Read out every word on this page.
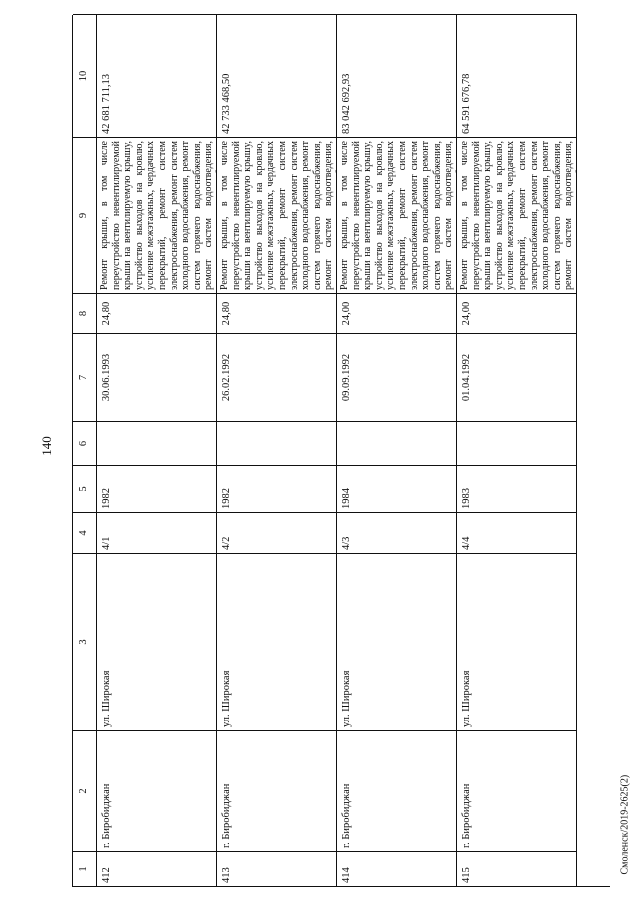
140
1
2
3
4
5
6
7
8
9
10
412
г. Биробиджан
ул. Широкая
4/1
1982
30.06.1993
24,80
Ремонт крыши, в том числе переустройство невентилируемой крыши на вентилируемую крышу, устройство выходов на кровлю, усиление межэтажных, чердачных перекрытий, ремонт систем электроснабжения, ремонт систем холодного водоснабжения, ремонт систем горячего водоснабжения, ремонт систем водоотведения, ремонт систем теплоснабжения,
42 681 711,13
413
г. Биробиджан
ул. Широкая
4/2
1982
26.02.1992
24,80
Ремонт крыши, в том числе переустройство невентилируемой крыши на вентилируемую крышу, устройство выходов на кровлю, усиление межэтажных, чердачных перекрытий, ремонт систем электроснабжения, ремонт систем холодного водоснабжения, ремонт систем горячего водоснабжения, ремонт систем водоотведения, ремонт систем теплоснабжения,
42 733 468,50
414
г. Биробиджан
ул. Широкая
4/3
1984
09.09.1992
24,00
Ремонт крыши, в том числе переустройство невентилируемой крыши на вентилируемую крышу, устройство выходов на кровлю, усиление межэтажных, чердачных перекрытий, ремонт систем электроснабжения, ремонт систем холодного водоснабжения, ремонт систем горячего водоснабжения, ремонт систем водоотведения, ремонт систем теплоснабжения,
83 042 692,93
415
г. Биробиджан
ул. Широкая
4/4
1983
01.04.1992
24,00
Ремонт крыши, в том числе переустройство невентилируемой крыши на вентилируемую крышу, устройство выходов на кровлю, усиление межэтажных, чердачных перекрытий, ремонт систем электроснабжения, ремонт систем холодного водоснабжения, ремонт систем горячего водоснабжения, ремонт систем водоотведения, ремонт систем теплоснабжения,
64 591 676,78
Смоленск/2019-2625(2)
